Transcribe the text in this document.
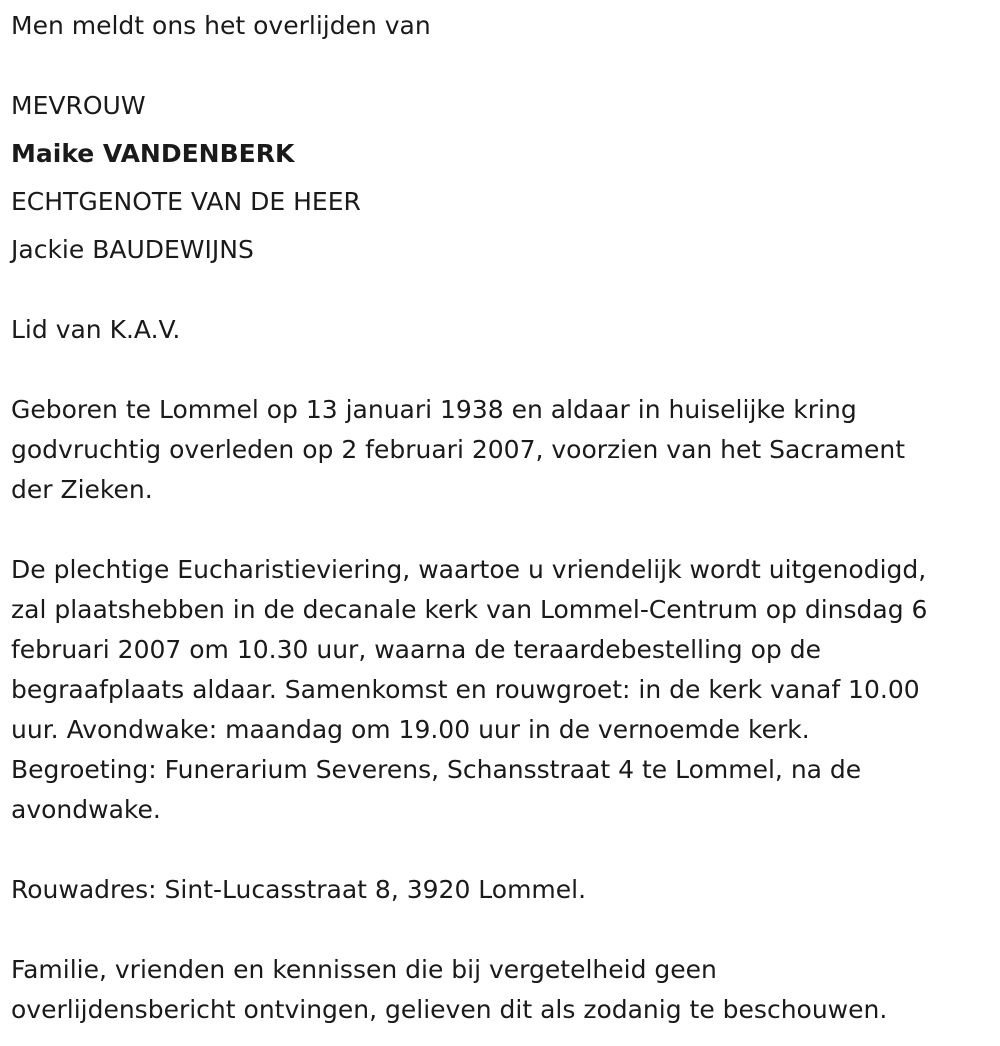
Men meldt ons het overlijden van

MEVROUW

Maike VANDENBERK

ECHTGENOTE VAN DE HEER

Jackie BAUDEWIJNS

Lid van K.A.V.

Geboren te Lommel op 13 januari 1938 en aldaar in huiselijke kring

godvruchtig overleden op 2 februari 2007, voorzien van het Sacrament

der Zieken.

De plechtige Eucharistieviering, waartoe u vriendelijk wordt uitgenodigd,

zal plaatshebben in de decanale kerk van Lommel-Centrum op dinsdag 6

februari 2007 om 10.30 uur, waarna de teraardebestelling op de

begraafplaats aldaar. Samenkomst en rouwgroet: in de kerk vanaf 10.00

uur. Avondwake: maandag om 19.00 uur in de vernoemde kerk.

Begroeting: Funerarium Severens, Schansstraat 4 te Lommel, na de

avondwake.

Rouwadres: Sint-Lucasstraat 8, 3920 Lommel.

Familie, vrienden en kennissen die bij vergetelheid geen

overlijdensbericht ontvingen, gelieven dit als zodanig te beschouwen.
